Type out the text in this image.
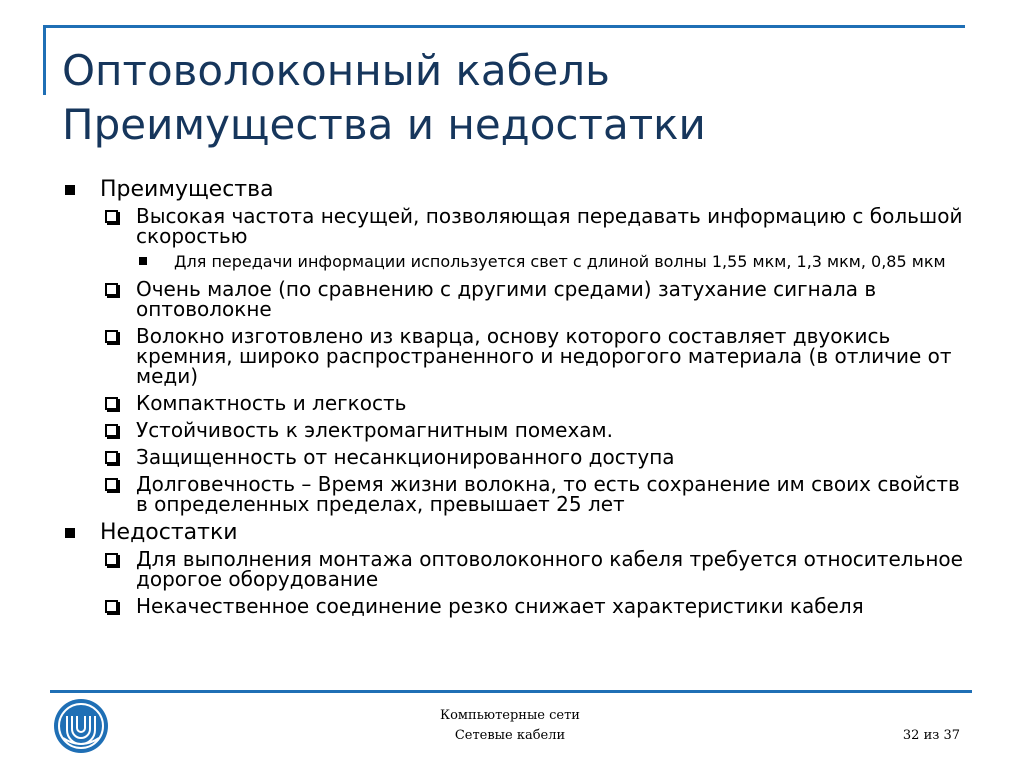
Оптоволоконный кабель
Преимущества и недостатки
Преимущества
Высокая частота несущей, позволяющая передавать информацию с большой скоростью
Для передачи информации используется свет с длиной волны 1,55 мкм, 1,3 мкм, 0,85 мкм
Очень малое (по сравнению с другими средами) затухание сигнала в оптоволокне
Волокно изготовлено из кварца, основу которого составляет двуокись кремния, широко распространенного и недорогого материала (в отличие от меди)
Компактность и легкость
Устойчивость к электромагнитным помехам.
Защищенность от несанкционированного доступа
Долговечность – Время жизни волокна, то есть сохранение им своих свойств в определенных пределах, превышает 25 лет
Недостатки
Для выполнения монтажа оптоволоконного кабеля требуется относительное дорогое оборудование
Некачественное соединение резко снижает характеристики кабеля
Компьютерные сети
Сетевые кабели	32 из 37
